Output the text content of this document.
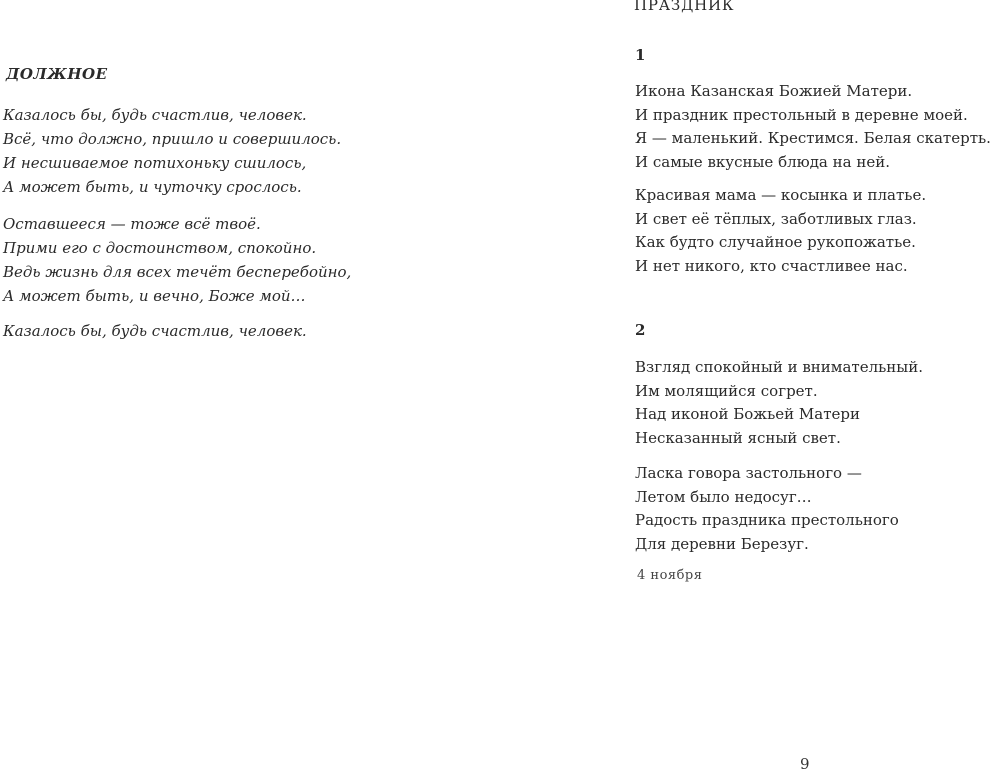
ДОЛЖНОЕ
Казалось бы, будь счастлив, человек.
Всё, что должно, пришло и совершилось.
И несшиваемое потихоньку сшилось,
А может быть, и чуточку срослось.
Оставшееся — тоже всё твоё.
Прими его с достоинством, спокойно.
Ведь жизнь для всех течёт бесперебойно,
А может быть, и вечно, Боже мой…
Казалось бы, будь счастлив, человек.
ПРАЗДНИК
1
Икона Казанская Божией Матери.
И праздник престольный в деревне моей.
Я — маленький. Крестимся. Белая скатерть.
И самые вкусные блюда на ней.
Красивая мама — косынка и платье.
И свет её тёплых, заботливых глаз.
Как будто случайное рукопожатье.
И нет никого, кто счастливее нас.
2
Взгляд спокойный и внимательный.
Им молящийся согрет.
Над иконой Божьей Матери
Несказанный ясный свет.
Ласка говора застольного —
Летом было недосуг…
Радость праздника престольного
Для деревни Березуг.
4 ноября
9
